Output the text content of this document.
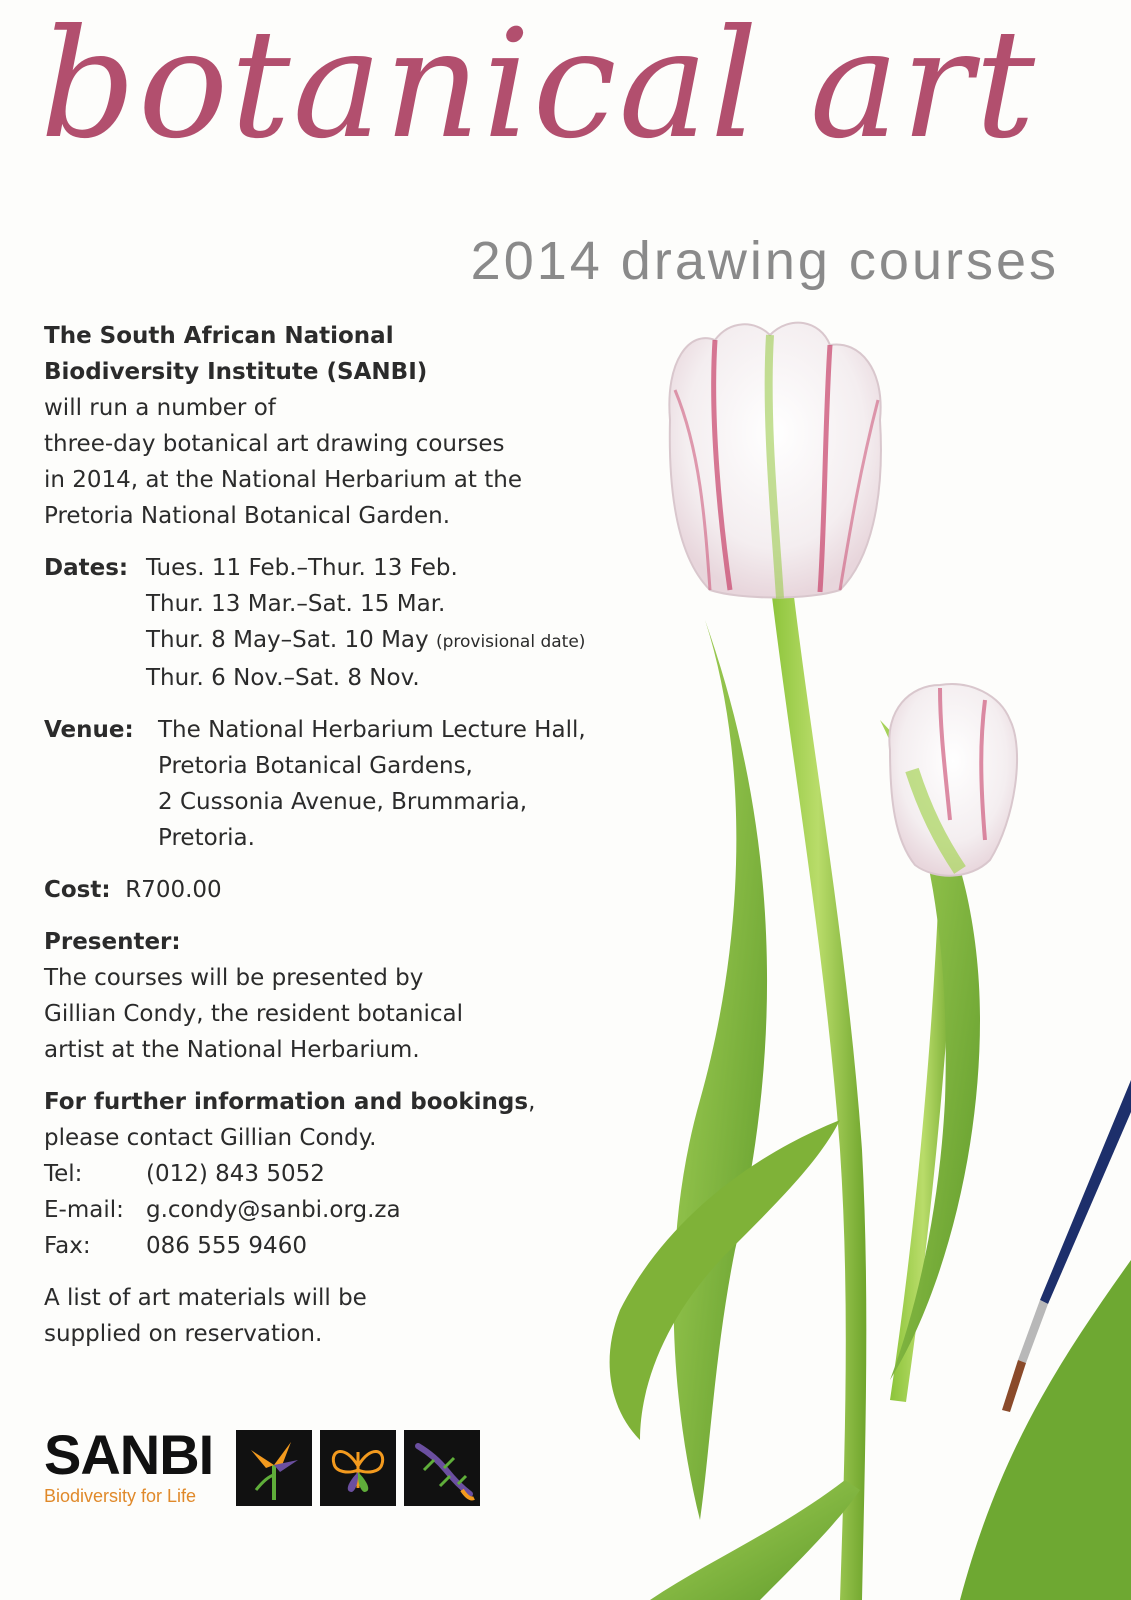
botanical art
2014 drawing courses

The South African National

Biodiversity Institute (SANBI)

will run a number of

three-day botanical art drawing courses

in 2014, at the National Herbarium at the

Pretoria National Botanical Garden.

Dates: Tues. 11 Feb.–Thur. 13 Feb.

Thur. 13 Mar.–Sat. 15 Mar.

Thur. 8 May–Sat. 10 May (provisional date)

Thur. 6 Nov.–Sat. 8 Nov.

Venue:	The National Herbarium Lecture Hall,

Pretoria Botanical Gardens,

2 Cussonia Avenue, Brummaria,

Pretoria.

Cost: R700.00

Presenter:

The courses will be presented by

Gillian Condy, the resident botanical

artist at the National Herbarium.

For further information and bookings,

please contact Gillian Condy.

Tel:	(012) 843 5052
E-mail: g.condy@sanbi.org.za
Fax:	086 555 9460

A list of art materials will be

supplied on reservation.

SANBI
Biodiversity for Life
